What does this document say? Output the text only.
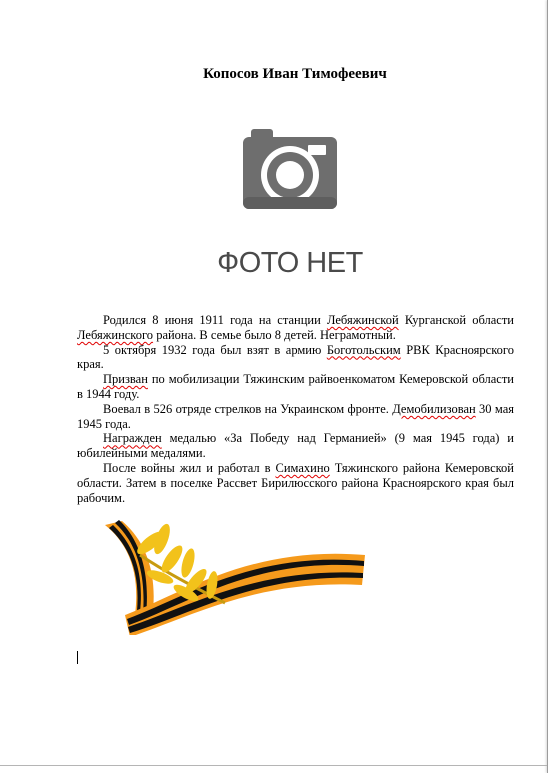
Копосов Иван Тимофеевич
ФОТО НЕТ

Родился 8 июня 1911 года на станции Лебяжинской Курганской области Лебяжинского района. В семье было 8 детей. Неграмотный.

5 октября 1932 года был взят в армию Боготольским РВК Красноярского края.

Призван по мобилизации Тяжинским райвоенкоматом Кемеровской области в 1944 году.

Воевал в 526 отряде стрелков на Украинском фронте. Демобилизован 30 мая 1945 года.

Награжден медалью «За Победу над Германией» (9 мая 1945 года) и юбилейными медалями.

После войны жил и работал в Симахино Тяжинского района Кемеровской области. Затем в поселке Рассвет Бирилюсского района Красноярского края был рабочим.
